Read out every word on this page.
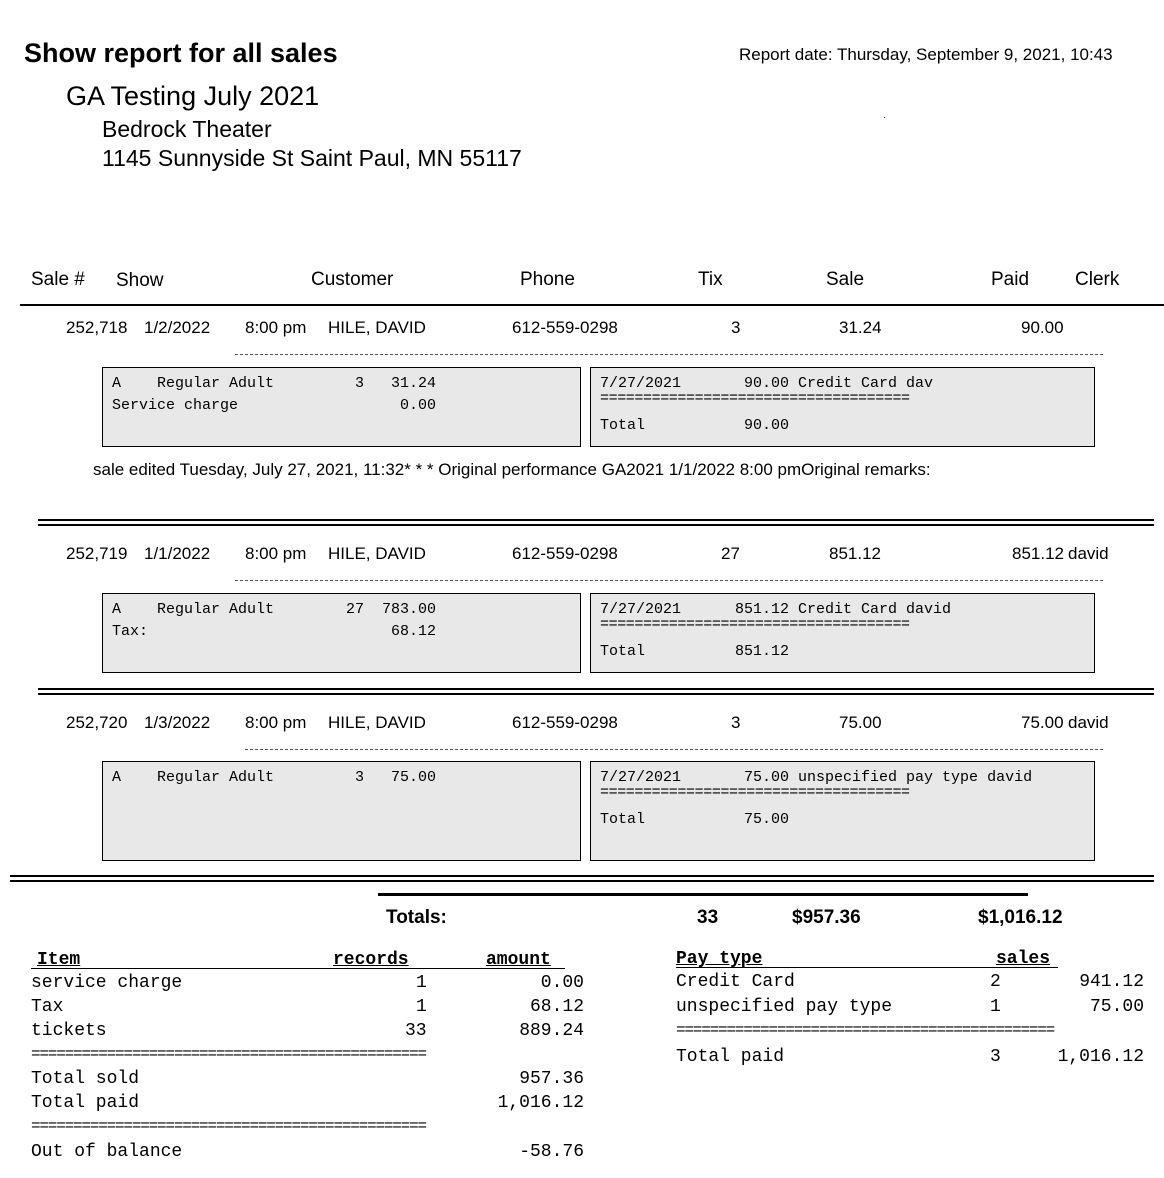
Show report for all sales	Report date: Thursday, September 9, 2021, 10:43
GA Testing July 2021
Bedrock Theater
1145 Sunnyside St Saint Paul, MN 55117
.
Sale # Show	Customer	Phone	Tix	Sale	Paid Clerk
252,718 1/2/2022 8:00 pm HILE, DAVID	612-559-0298	3	31.24	90.00
A    Regular Adult         3   31.24
Service charge                  0.00
7/27/2021       90.00 Credit Card dav
====================================
Total           90.00
sale edited Tuesday, July 27, 2021, 11:32* * * Original performance GA2021 1/1/2022 8:00 pmOriginal remarks:
252,719 1/1/2022 8:00 pm HILE, DAVID	612-559-0298	27	851.12	851.12 david
A    Regular Adult        27  783.00
Tax:                           68.12
7/27/2021      851.12 Credit Card david
====================================
Total          851.12
252,720 1/3/2022 8:00 pm HILE, DAVID	612-559-0298	3	75.00	75.00 david
A    Regular Adult         3   75.00	7/27/2021       75.00 unspecified pay type david
====================================
Total           75.00
Totals:	33	$957.36	$1,016.12
Item	records	amount
service charge	1	0.00
Tax	1	68.12
tickets	33	889.24
===============================================
Total sold	957.36
Total paid	1,016.12
===============================================
Out of balance	-58.76
Pay type	sales
Credit Card	2	941.12
unspecified pay type	1	75.00
=============================================
Total paid	3	1,016.12
